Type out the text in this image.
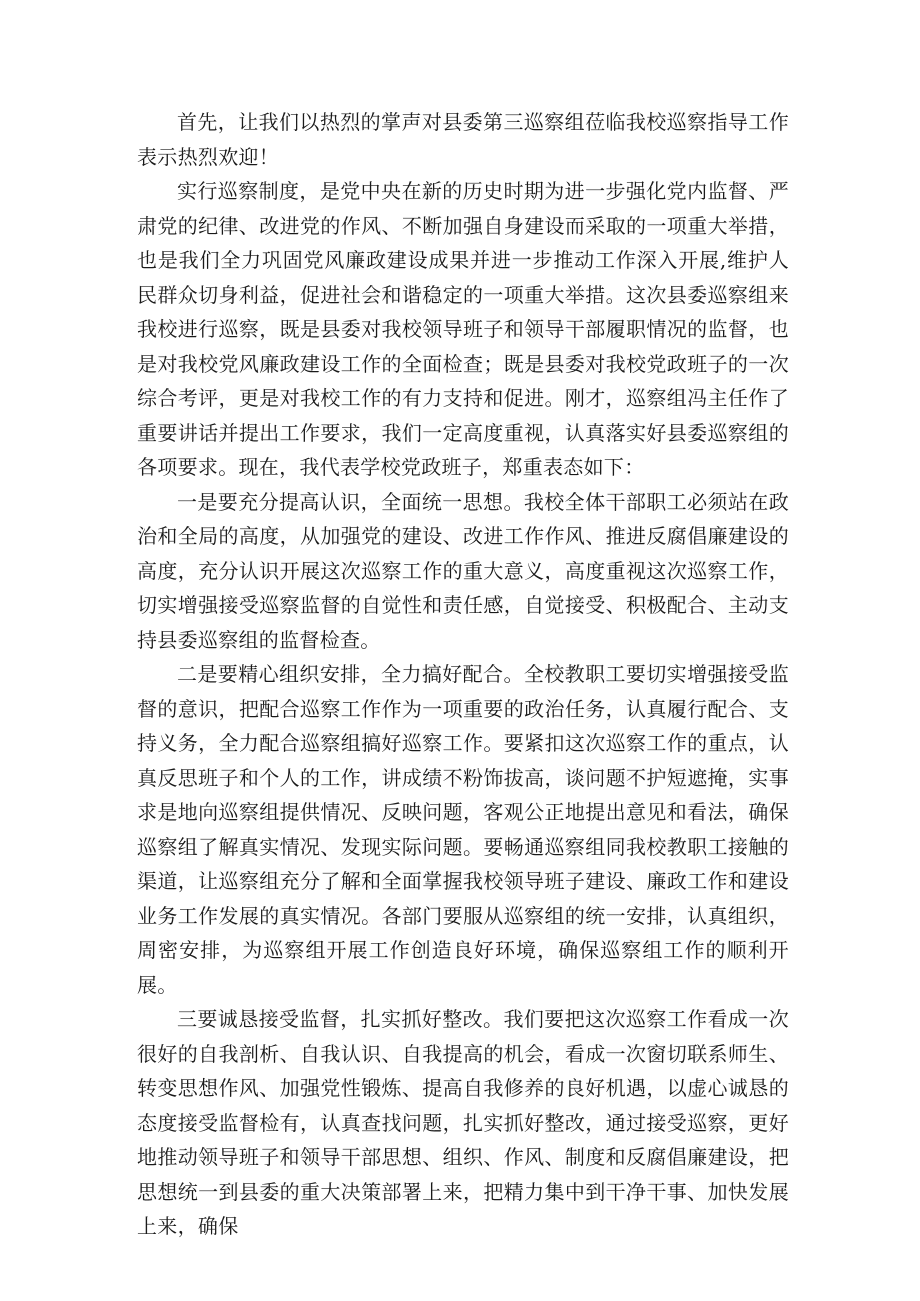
首先，让我们以热烈的掌声对县委第三巡察组莅临我校巡察指导工作表示热烈欢迎！

实行巡察制度，是党中央在新的历史时期为进一步强化党内监督、严肃党的纪律、改进党的作风、不断加强自身建设而采取的一项重大举措，也是我们全力巩固党风廉政建设成果并进一步推动工作深入开展,维护人民群众切身利益，促进社会和谐稳定的一项重大举措。这次县委巡察组来我校进行巡察，既是县委对我校领导班子和领导干部履职情况的监督，也是对我校党风廉政建设工作的全面检查；既是县委对我校党政班子的一次综合考评，更是对我校工作的有力支持和促进。刚才，巡察组冯主任作了重要讲话并提出工作要求，我们一定高度重视，认真落实好县委巡察组的各项要求。现在，我代表学校党政班子，郑重表态如下：

一是要充分提高认识，全面统一思想。我校全体干部职工必须站在政治和全局的高度，从加强党的建设、改进工作作风、推进反腐倡廉建设的高度，充分认识开展这次巡察工作的重大意义，高度重视这次巡察工作，切实增强接受巡察监督的自觉性和责任感，自觉接受、积极配合、主动支持县委巡察组的监督检查。

二是要精心组织安排，全力搞好配合。全校教职工要切实增强接受监督的意识，把配合巡察工作作为一项重要的政治任务，认真履行配合、支持义务，全力配合巡察组搞好巡察工作。要紧扣这次巡察工作的重点，认真反思班子和个人的工作，讲成绩不粉饰拔高，谈问题不护短遮掩，实事求是地向巡察组提供情况、反映问题，客观公正地提出意见和看法，确保巡察组了解真实情况、发现实际问题。要畅通巡察组同我校教职工接触的渠道，让巡察组充分了解和全面掌握我校领导班子建设、廉政工作和建设业务工作发展的真实情况。各部门要服从巡察组的统一安排，认真组织，周密安排，为巡察组开展工作创造良好环境，确保巡察组工作的顺利开展。

三要诚恳接受监督，扎实抓好整改。我们要把这次巡察工作看成一次很好的自我剖析、自我认识、自我提高的机会，看成一次窗切联系师生、转变思想作风、加强党性锻炼、提高自我修养的良好机遇，以虚心诚恳的态度接受监督检有，认真查找问题，扎实抓好整改，通过接受巡察，更好地推动领导班子和领导干部思想、组织、作风、制度和反腐倡廉建设，把思想统一到县委的重大决策部署上来，把精力集中到干净干事、加快发展上来，确保
